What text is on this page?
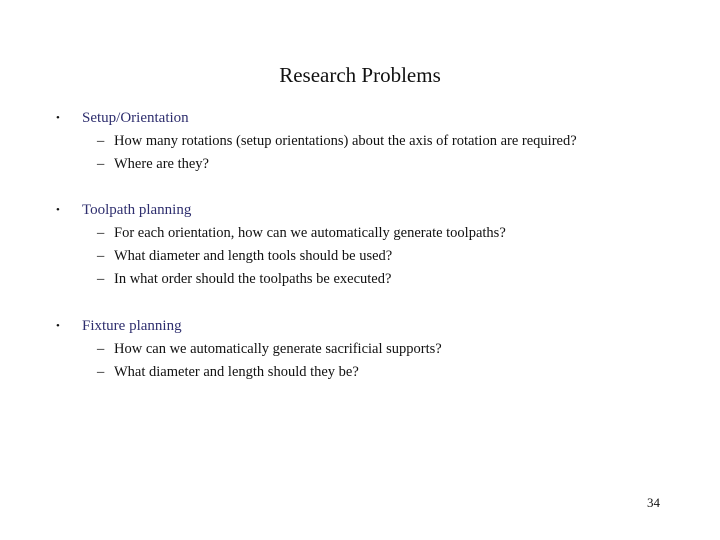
Research Problems
• Setup/Orientation
– How many rotations (setup orientations) about the axis of rotation are required?
– Where are they?
• Toolpath planning
– For each orientation, how can we automatically generate toolpaths?
– What diameter and length tools should be used?
– In what order should the toolpaths be executed?
• Fixture planning
– How can we automatically generate sacrificial supports?
– What diameter and length should they be?
34
